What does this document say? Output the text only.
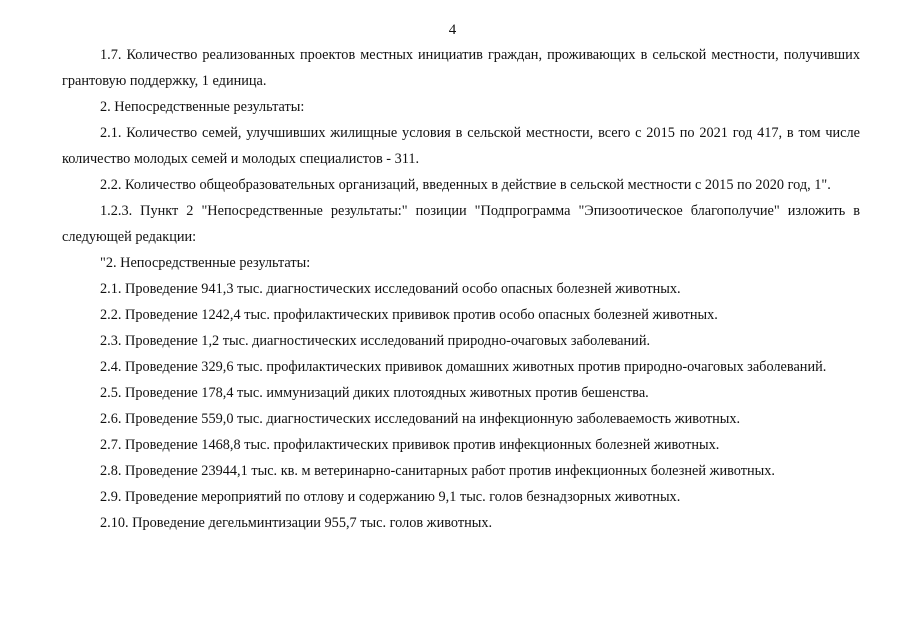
4

1.7. Количество реализованных проектов местных инициатив граждан, проживающих в сельской местности, получивших грантовую поддержку, 1 единица.

2. Непосредственные результаты:

2.1. Количество семей, улучшивших жилищные условия в сельской местности, всего с 2015 по 2021 год 417, в том числе количество молодых семей и молодых специалистов - 311.

2.2. Количество общеобразовательных организаций, введенных в действие в сельской местности с 2015 по 2020 год, 1".

1.2.3. Пункт 2 "Непосредственные результаты:" позиции "Подпрограмма "Эпизоотическое благополучие" изложить в следующей редакции:

"2. Непосредственные результаты:

2.1. Проведение 941,3 тыс. диагностических исследований особо опасных болезней животных.

2.2. Проведение 1242,4 тыс. профилактических прививок против особо опасных болезней животных.

2.3. Проведение 1,2 тыс. диагностических исследований природно-очаговых заболеваний.

2.4. Проведение 329,6 тыс. профилактических прививок домашних животных против природно-очаговых заболеваний.

2.5. Проведение 178,4 тыс. иммунизаций диких плотоядных животных против бешенства.

2.6. Проведение 559,0 тыс. диагностических исследований на инфекционную заболеваемость животных.

2.7. Проведение 1468,8 тыс. профилактических прививок против инфекционных болезней животных.

2.8. Проведение 23944,1 тыс. кв. м ветеринарно-санитарных работ против инфекционных болезней животных.

2.9. Проведение мероприятий по отлову и содержанию 9,1 тыс. голов безнадзорных животных.

2.10. Проведение дегельминтизации 955,7 тыс. голов животных.
